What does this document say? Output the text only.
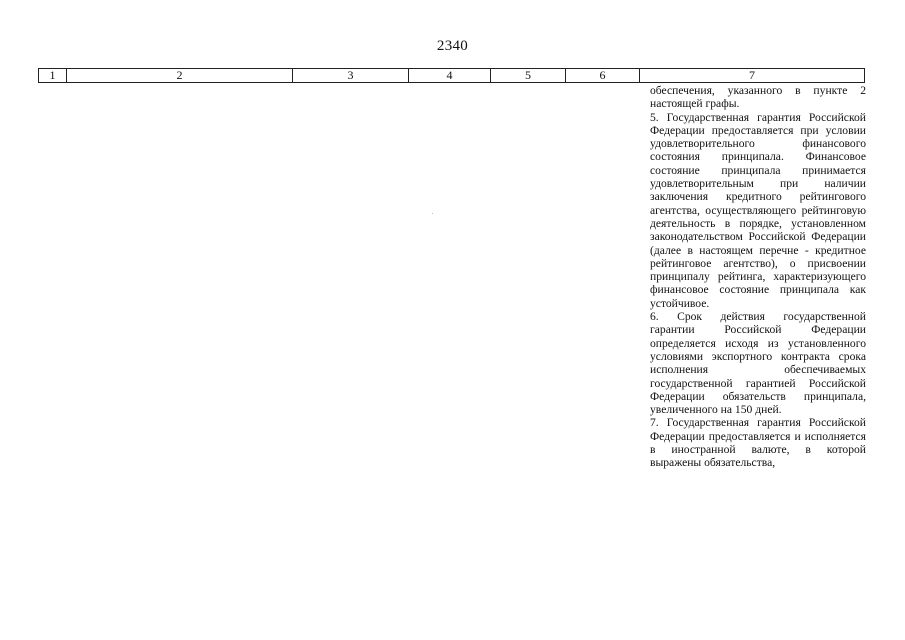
2340
1	2	3	4	5	6	7

обеспечения, указанного в пункте 2 настоящей графы.

5. Государственная гарантия Российской Федерации предоставляется при условии удовлетворительного финансового состояния принципала. Финансовое состояние принципала принимается удовлетворительным при наличии заключения кредитного рейтингового агентства, осуществляющего рейтинговую деятельность в порядке, установленном законодательством Российской Федерации (далее в настоящем перечне - кредитное рейтинговое агентство), о присвоении принципалу рейтинга, характеризующего финансовое состояние принципала как устойчивое.

6. Срок действия государственной гарантии Российской Федерации определяется исходя из установленного условиями экспортного контракта срока исполнения обеспечиваемых государственной гарантией Российской Федерации обязательств принципала, увеличенного на 150 дней.

7. Государственная гарантия Российской Федерации предоставляется и исполняется в иностранной валюте, в которой выражены обязательства,
